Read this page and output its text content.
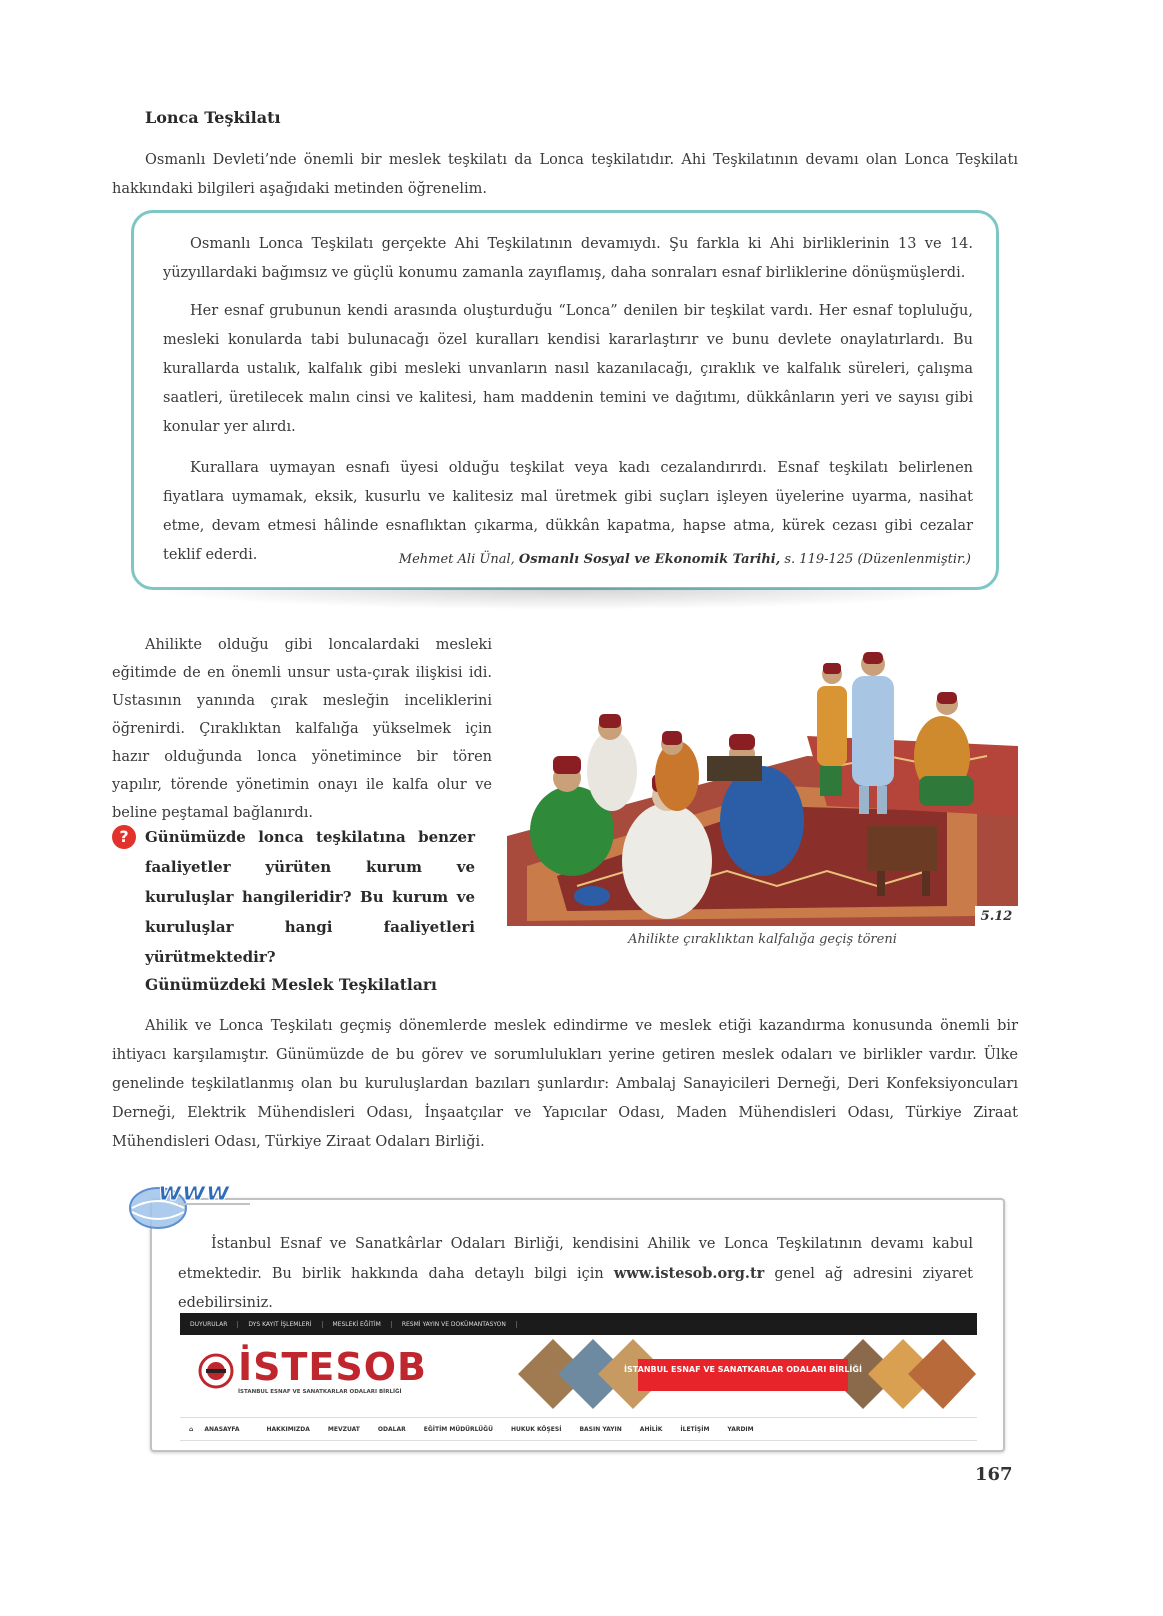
Lonca Teşkilatı

Osmanlı Devleti’nde önemli bir meslek teşkilatı da Lonca teşkilatıdır. Ahi Teşkilatının devamı olan Lonca Teşkilatı hakkındaki bilgileri aşağıdaki metinden öğrenelim.

Osmanlı Lonca Teşkilatı gerçekte Ahi Teşkilatının devamıydı. Şu farkla ki Ahi birliklerinin 13 ve 14. yüzyıllardaki bağımsız ve güçlü konumu zamanla zayıflamış, daha sonraları esnaf birliklerine dönüşmüşlerdi.

Her esnaf grubunun kendi arasında oluşturduğu “Lonca” denilen bir teşkilat vardı. Her esnaf topluluğu, mesleki konularda tabi bulunacağı özel kuralları kendisi kararlaştırır ve bunu devlete onaylatırlardı. Bu kurallarda ustalık, kalfalık gibi mesleki unvanların nasıl kazanılacağı, çıraklık ve kalfalık süreleri, çalışma saatleri, üretilecek malın cinsi ve kalitesi, ham maddenin temini ve dağıtımı, dükkânların yeri ve sayısı gibi konular yer alırdı.

Kurallara uymayan esnafı üyesi olduğu teşkilat veya kadı cezalandırırdı. Esnaf teşkilatı belirlenen fiyatlara uymamak, eksik, kusurlu ve kalitesiz mal üretmek gibi suçları işleyen üyelerine uyarma, nasihat etme, devam etmesi hâlinde esnaflıktan çıkarma, dükkân kapatma, hapse atma, kürek cezası gibi cezalar teklif ederdi.	Mehmet Ali Ünal, Osmanlı Sosyal ve Ekonomik Tarihi, s. 119-125 (Düzenlenmiştir.)

Ahilikte olduğu gibi loncalardaki mesleki eğitimde de en önemli unsur usta-çırak ilişkisi idi. Ustasının yanında çırak mesleğin inceliklerini öğrenirdi. Çıraklıktan kalfalığa yükselmek için hazır olduğunda lonca yönetimince bir tören yapılır, törende yönetimin onayı ile kalfa olur ve beline peştamal bağlanırdı.

?	Günümüzde lonca teşkilatına benzer faaliyetler yürüten kurum ve kuruluşlar hangileridir? Bu kurum ve kuruluşlar hangi faaliyetleri yürütmektedir?
5.12
Ahilikte çıraklıktan kalfalığa geçiş töreni
Günümüzdeki Meslek Teşkilatları

Ahilik ve Lonca Teşkilatı geçmiş dönemlerde meslek edindirme ve meslek etiği kazandırma konusunda önemli bir ihtiyacı karşılamıştır. Günümüzde de bu görev ve sorumlulukları yerine getiren meslek odaları ve birlikler vardır. Ülke genelinde teşkilatlanmış olan bu kuruluşlardan bazıları şunlardır: Ambalaj Sanayicileri Derneği, Deri Konfeksiyoncuları Derneği, Elektrik Mühendisleri Odası, İnşaatçılar ve Yapıcılar Odası, Maden Mühendisleri Odası, Türkiye Ziraat Mühendisleri Odası, Türkiye Ziraat Odaları Birliği.

www

İstanbul Esnaf ve Sanatkârlar Odaları Birliği, kendisini Ahilik ve Lonca Teşkilatının devamı kabul etmektedir. Bu birlik hakkında daha detaylı bilgi için www.istesob.org.tr genel ağ adresini ziyaret edebilirsiniz.

DUYURULAR	DYS KAYIT İŞLEMLERİ	MESLEKİ EĞİTİM	RESMİ YAYIN VE DOKÜMANTASYON
İSTESOB
İSTANBUL ESNAF VE SANATKARLAR ODALARI BİRLİĞİ
İSTANBUL ESNAF VE SANATKARLAR ODALARI BİRLİĞİ
⌂ ANASAYFA	HAKKIMIZDA	MEVZUAT	ODALAR	EĞİTİM MÜDÜRLÜĞÜ	HUKUK KÖŞESİ	BASIN YAYIN	AHİLİK	İLETİŞİM	YARDIM
167
